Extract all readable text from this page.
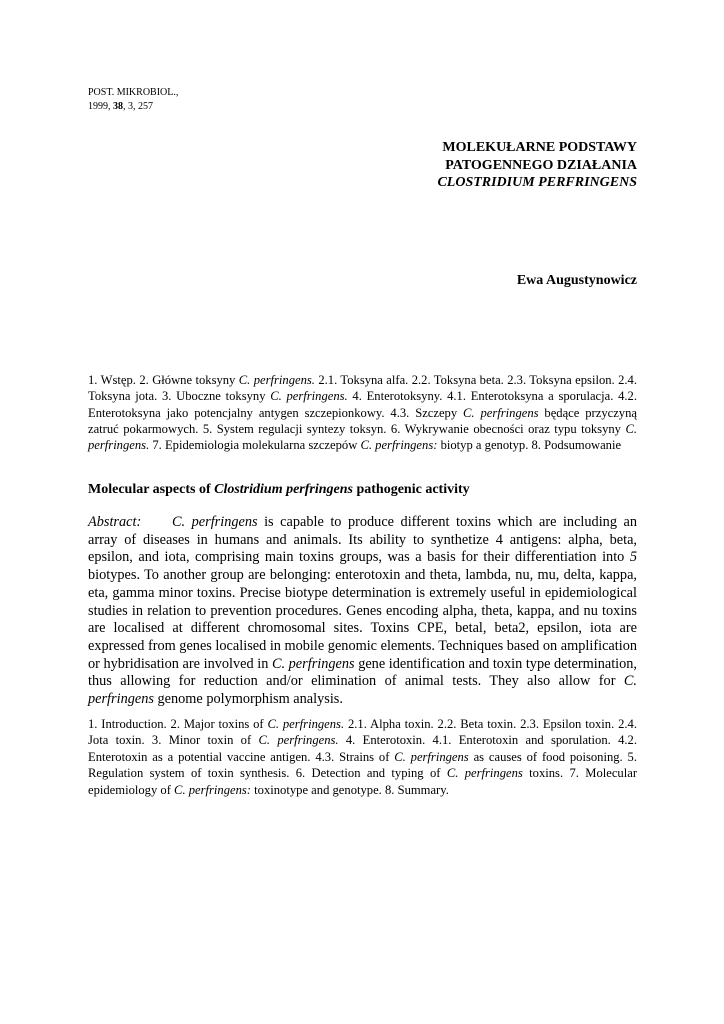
POST. MIKROBIOL.,
1999, 38, 3, 257
MOLEKUŁARNE PODSTAWY
PATOGENNEGO DZIAŁANIA
CLOSTRIDIUM PERFRINGENS
Ewa Augustynowicz
1. Wstęp. 2. Główne toksyny C. perfringens. 2.1. Toksyna alfa. 2.2. Toksyna beta. 2.3. Toksyna epsilon. 2.4. Toksyna jota. 3. Uboczne toksyny C. perfringens. 4. Enterotoksyny. 4.1. Enterotoksyna a sporulacja. 4.2. Enterotoksyna jako potencjalny antygen szczepionkowy. 4.3. Szczepy C. perfringens będące przyczyną zatruć pokarmowych. 5. System regulacji syntezy toksyn. 6. Wykrywanie obecności oraz typu toksyny C. perfringens. 7. Epidemiologia molekularna szczepów C. perfringens: biotyp a genotyp. 8. Podsumowanie
Molecular aspects of Clostridium perfringens pathogenic activity
Abstract: C. perfringens is capable to produce different toxins which are including an array of diseases in humans and animals. Its ability to synthetize 4 antigens: alpha, beta, epsilon, and iota, comprising main toxins groups, was a basis for their differentiation into 5 biotypes. To another group are belonging: enterotoxin and theta, lambda, nu, mu, delta, kappa, eta, gamma minor toxins. Precise biotype determination is extremely useful in epidemiological studies in relation to prevention procedures. Genes encoding alpha, theta, kappa, and nu toxins are localised at different chromosomal sites. Toxins CPE, betal, beta2, epsilon, iota are expressed from genes localised in mobile genomic elements. Techniques based on amplification or hybridisation are involved in C. perfringens gene identification and toxin type determination, thus allowing for reduction and/or elimination of animal tests. They also allow for C. perfringens genome polymorphism analysis.
1. Introduction. 2. Major toxins of C. perfringens. 2.1. Alpha toxin. 2.2. Beta toxin. 2.3. Epsilon toxin. 2.4. Jota toxin. 3. Minor toxin of C. perfringens. 4. Enterotoxin. 4.1. Enterotoxin and sporulation. 4.2. Enterotoxin as a potential vaccine antigen. 4.3. Strains of C. perfringens as causes of food poisoning. 5. Regulation system of toxin synthesis. 6. Detection and typing of C. perfringens toxins. 7. Molecular epidemiology of C. perfringens: toxinotype and genotype. 8. Summary.
